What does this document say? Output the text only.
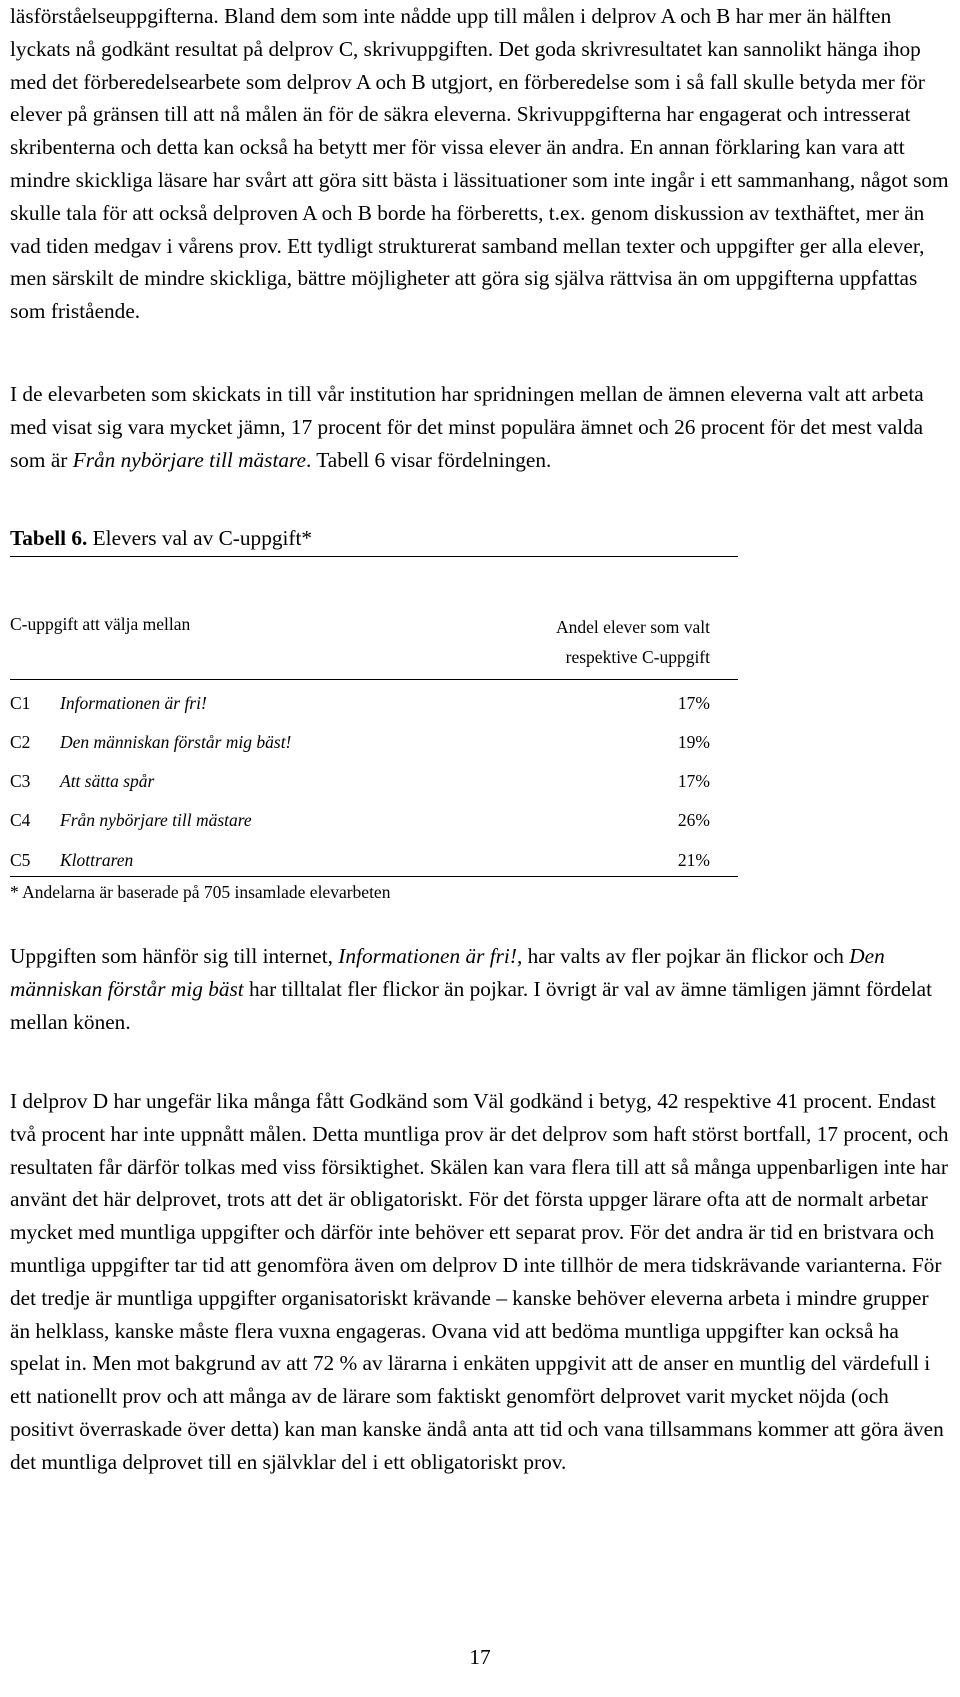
läsförståelseuppgifterna. Bland dem som inte nådde upp till målen i delprov A och B har mer än hälften lyckats nå godkänt resultat på delprov C, skrivuppgiften. Det goda skrivresultatet kan sannolikt hänga ihop med det förberedelsearbete som delprov A och B utgjort, en förberedelse som i så fall skulle betyda mer för elever på gränsen till att nå målen än för de säkra eleverna. Skrivuppgifterna har engagerat och intresserat skribenterna och detta kan också ha betytt mer för vissa elever än andra. En annan förklaring kan vara att mindre skickliga läsare har svårt att göra sitt bästa i lässituationer som inte ingår i ett sammanhang, något som skulle tala för att också delproven A och B borde ha förberetts, t.ex. genom diskussion av texthäftet, mer än vad tiden medgav i vårens prov. Ett tydligt strukturerat samband mellan texter och uppgifter ger alla elever, men särskilt de mindre skickliga, bättre möjligheter att göra sig själva rättvisa än om uppgifterna uppfattas som fristående.

I de elevarbeten som skickats in till vår institution har spridningen mellan de ämnen eleverna valt att arbeta med visat sig vara mycket jämn, 17 procent för det minst populära ämnet och 26 procent för det mest valda som är Från nybörjare till mästare. Tabell 6 visar fördelningen.

Tabell 6. Elevers val av C-uppgift*
C-uppgift att välja mellan	Andel elever som valt
respektive C-uppgift
C1 Informationen är fri!	17%
C2 Den människan förstår mig bäst!	19%
C3 Att sätta spår	17%
C4 Från nybörjare till mästare	26%
C5 Klottraren	21%
* Andelarna är baserade på 705 insamlade elevarbeten

Uppgiften som hänför sig till internet, Informationen är fri!, har valts av fler pojkar än flickor och Den människan förstår mig bäst har tilltalat fler flickor än pojkar. I övrigt är val av ämne tämligen jämnt fördelat mellan könen.

I delprov D har ungefär lika många fått Godkänd som Väl godkänd i betyg, 42 respektive 41 procent. Endast två procent har inte uppnått målen. Detta muntliga prov är det delprov som haft störst bortfall, 17 procent, och resultaten får därför tolkas med viss försiktighet. Skälen kan vara flera till att så många uppenbarligen inte har använt det här delprovet, trots att det är obligatoriskt. För det första uppger lärare ofta att de normalt arbetar mycket med muntliga uppgifter och därför inte behöver ett separat prov. För det andra är tid en bristvara och muntliga uppgifter tar tid att genomföra även om delprov D inte tillhör de mera tidskrävande varianterna. För det tredje är muntliga uppgifter organisatoriskt krävande – kanske behöver eleverna arbeta i mindre grupper än helklass, kanske måste flera vuxna engageras. Ovana vid att bedöma muntliga uppgifter kan också ha spelat in. Men mot bakgrund av att 72 % av lärarna i enkäten uppgivit att de anser en muntlig del värdefull i ett nationellt prov och att många av de lärare som faktiskt genomfört delprovet varit mycket nöjda (och positivt överraskade över detta) kan man kanske ändå anta att tid och vana tillsammans kommer att göra även det muntliga delprovet till en självklar del i ett obligatoriskt prov.

17
